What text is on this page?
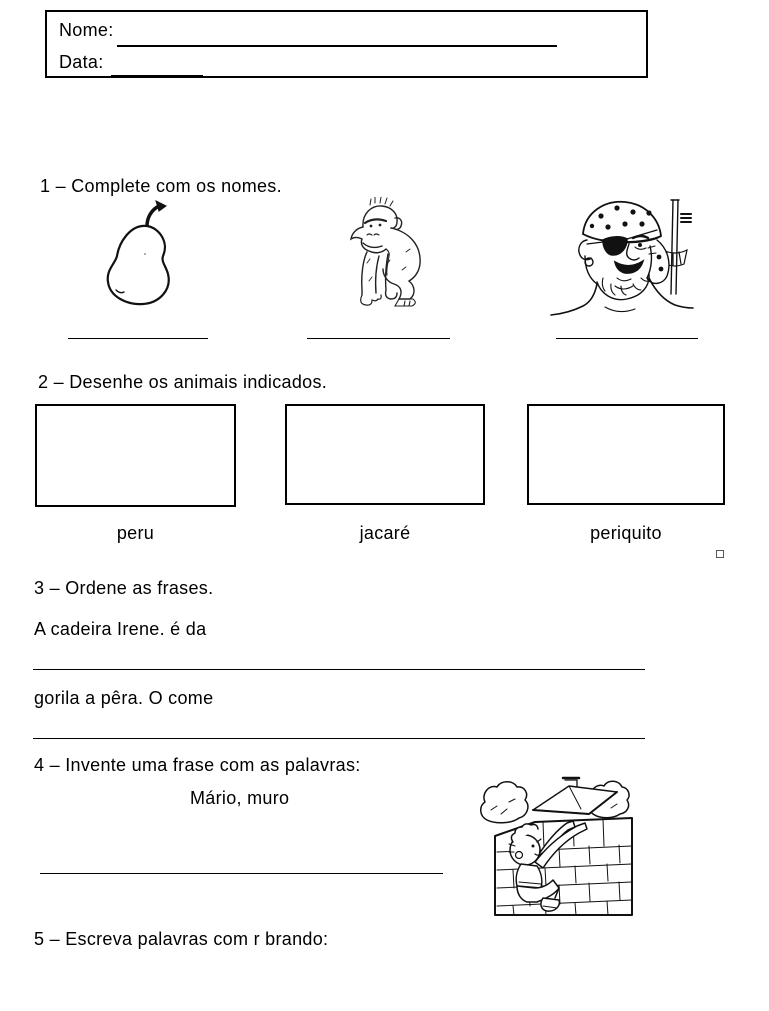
Nome:
Data:
1 – Complete com os nomes.
2 – Desenhe os animais indicados.
peru	jacaré	periquito
3 – Ordene as frases.
A cadeira Irene. é da
gorila a pêra. O come
4 – Invente uma frase com as palavras:
Mário, muro
5 – Escreva palavras com r brando:
